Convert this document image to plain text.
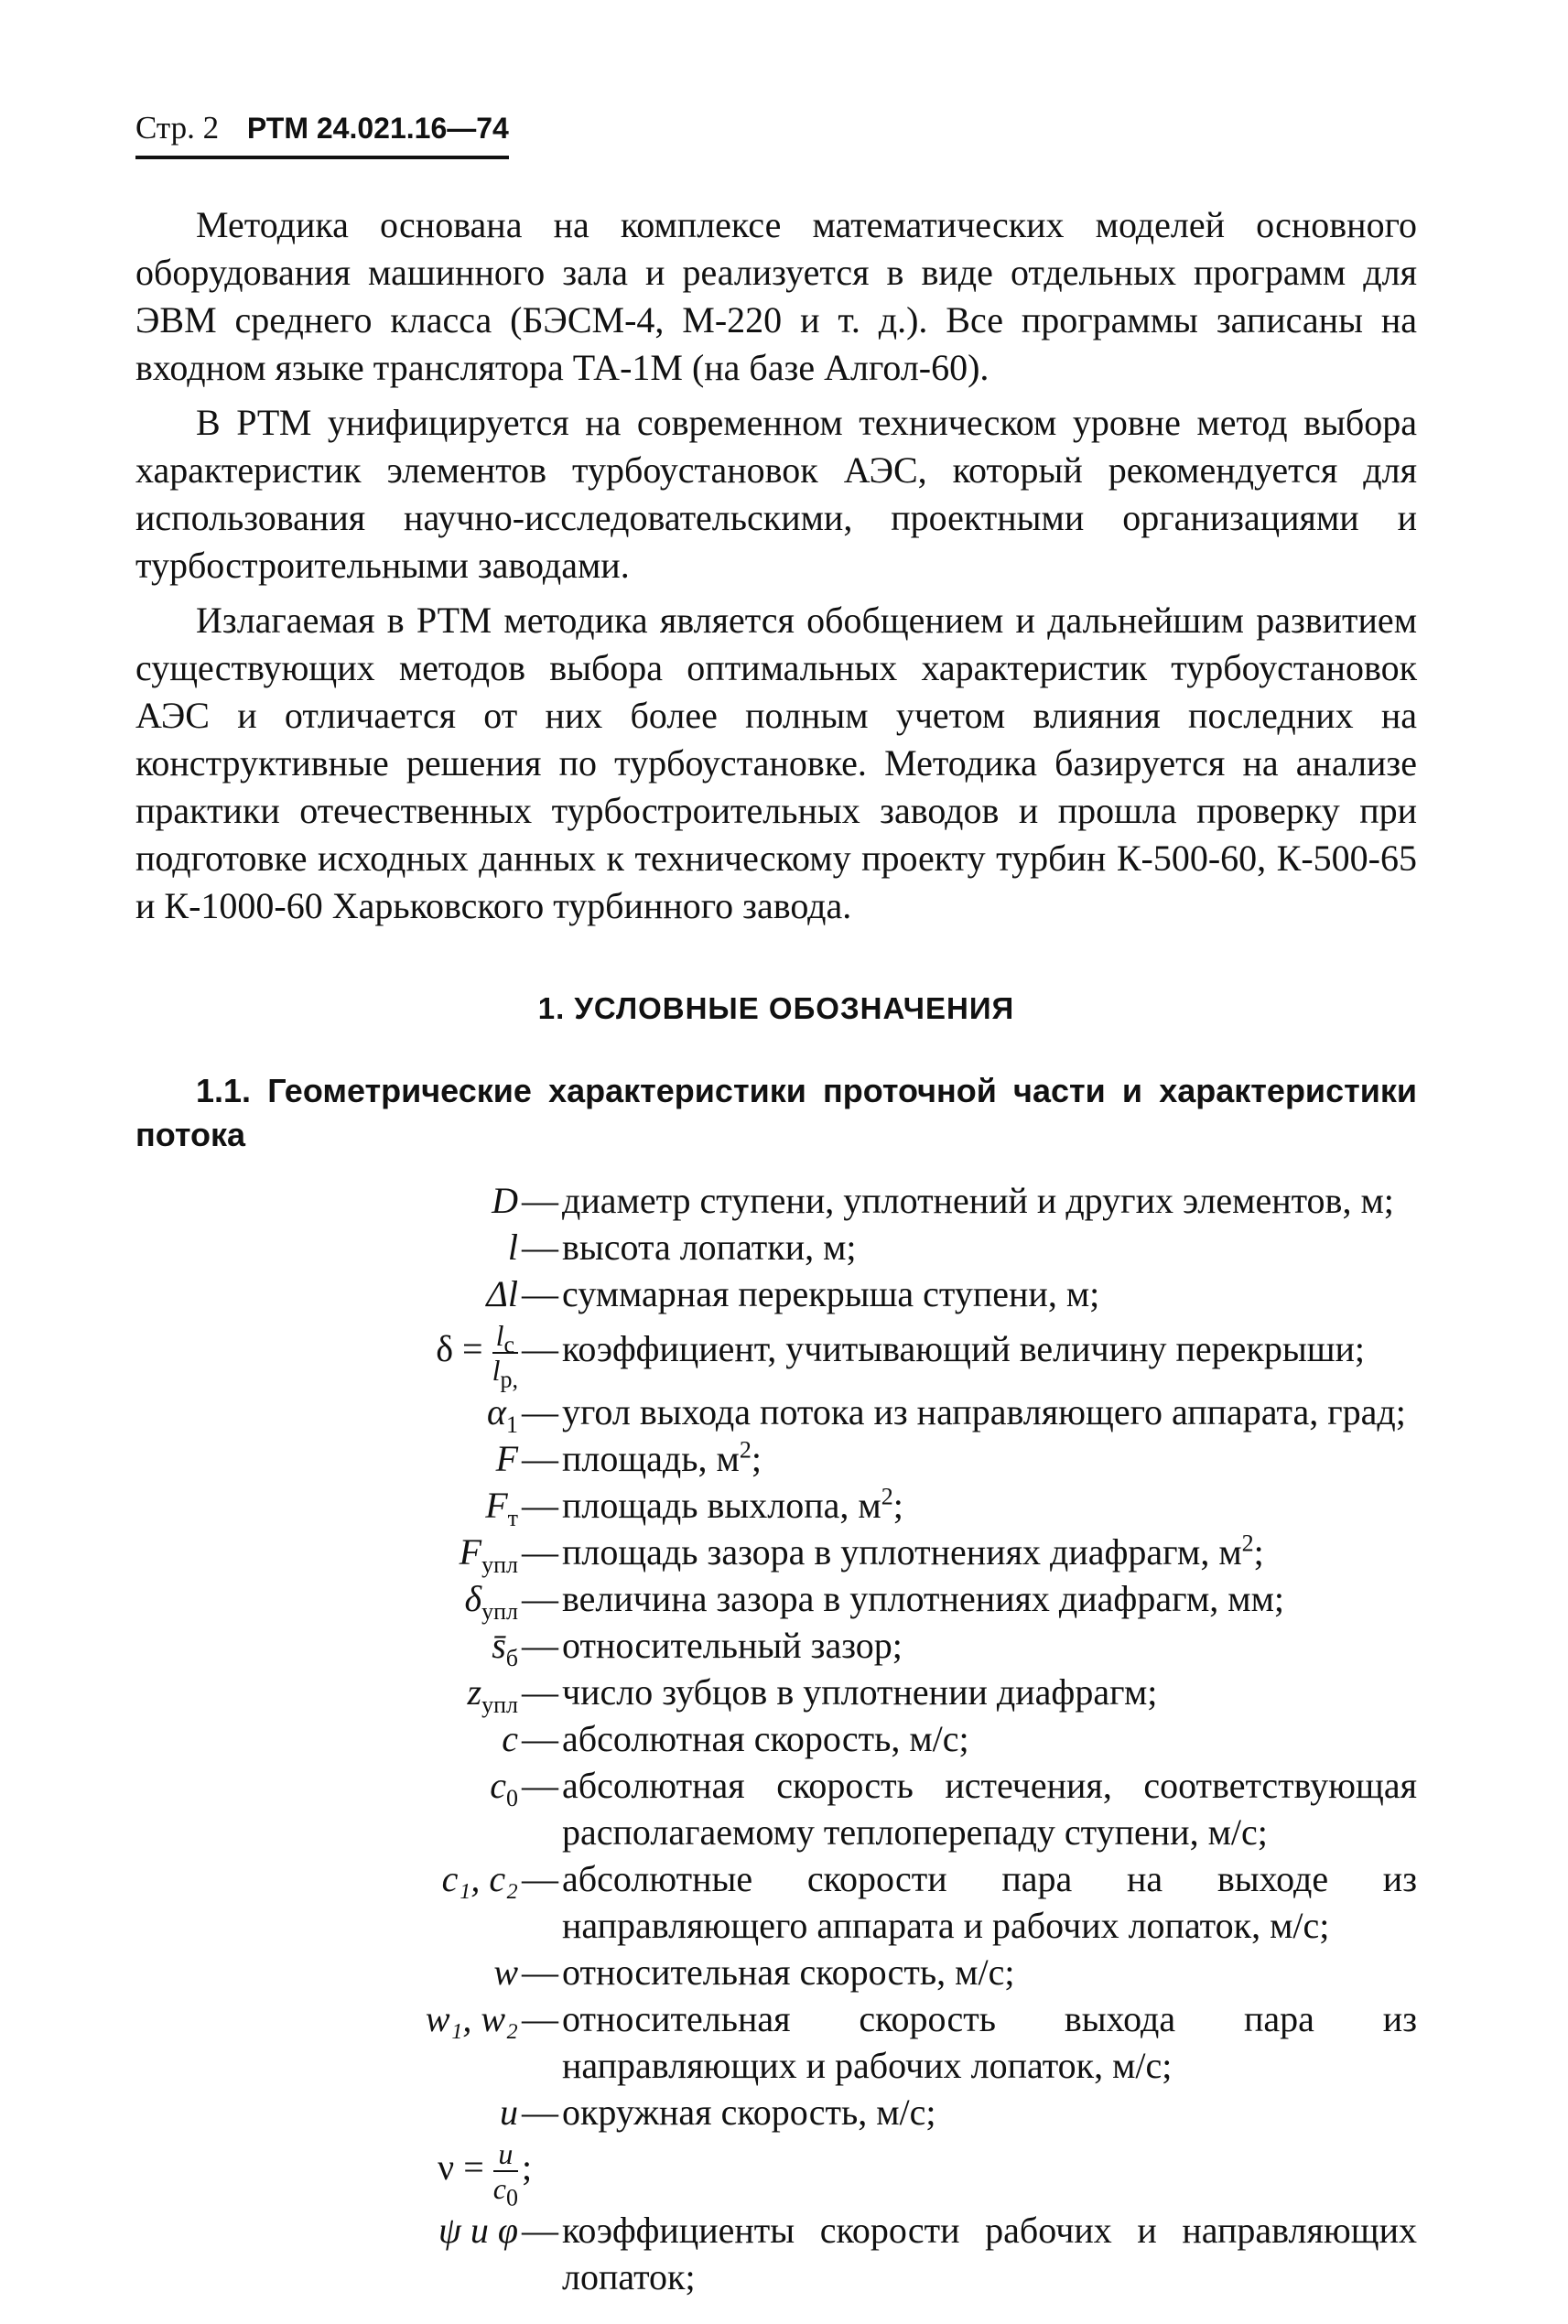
Стр. 2 РТМ 24.021.16—74

Методика основана на комплексе математических моделей основного оборудования машинного зала и реализуется в виде отдельных программ для ЭВМ среднего класса (БЭСМ-4, М-220 и т. д.). Все программы записаны на входном языке транслятора ТА-1М (на базе Алгол-60).

В РТМ унифицируется на современном техническом уровне метод выбора характеристик элементов турбоустановок АЭС, который рекомендуется для использования научно-исследовательскими, проектными организациями и турбостроительными заводами.

Излагаемая в РТМ методика является обобщением и дальнейшим развитием существующих методов выбора оптимальных характеристик турбоустановок АЭС и отличается от них более полным учетом влияния последних на конструктивные решения по турбоустановке. Методика базируется на анализе практики отечественных турбостроительных заводов и прошла проверку при подготовке исходных данных к техническому проекту турбин К-500-60, К-500-65 и К-1000-60 Харьковского турбинного завода.

1. УСЛОВНЫЕ ОБОЗНАЧЕНИЯ
1.1. Геометрические характеристики проточной части и характеристики потока
D — диаметр ступени, уплотнений и других элементов, м;
l — высота лопатки, м;
Δl — суммарная перекрыша ступени, м;
$\delta = \frac{l_с}{l_{р,}}$ — коэффициент, учитывающий величину перекрыши;
$\alpha_1$ — угол выхода потока из направляющего аппарата, град;
F — площадь, $м^2$;
$F_т$ — площадь выхлопа, $м^2$;
$F_{упл}$ — площадь зазора в уплотнениях диафрагм, $м^2$;
$\delta_{упл}$ — величина зазора в уплотнениях диафрагм, мм;
$s̄_б$ — относительный зазор;
$z_{упл}$ — число зубцов в уплотнении диафрагм;
c — абсолютная скорость, м/с;
$c_0$ — абсолютная скорость истечения, соответствующая располагаемому теплоперепаду ступени, м/с;
c₁, c₂ — абсолютные скорости пара на выходе из направляющего аппарата и рабочих лопаток, м/с;
w — относительная скорость, м/с;
w₁, w₂ — относительная скорость выхода пара из направляющих и рабочих лопаток, м/с;
u — окружная скорость, м/с;
$\nu = \frac{u}{c_0}$ ;
ψ и φ — коэффициенты скорости рабочих и направляющих лопаток;
